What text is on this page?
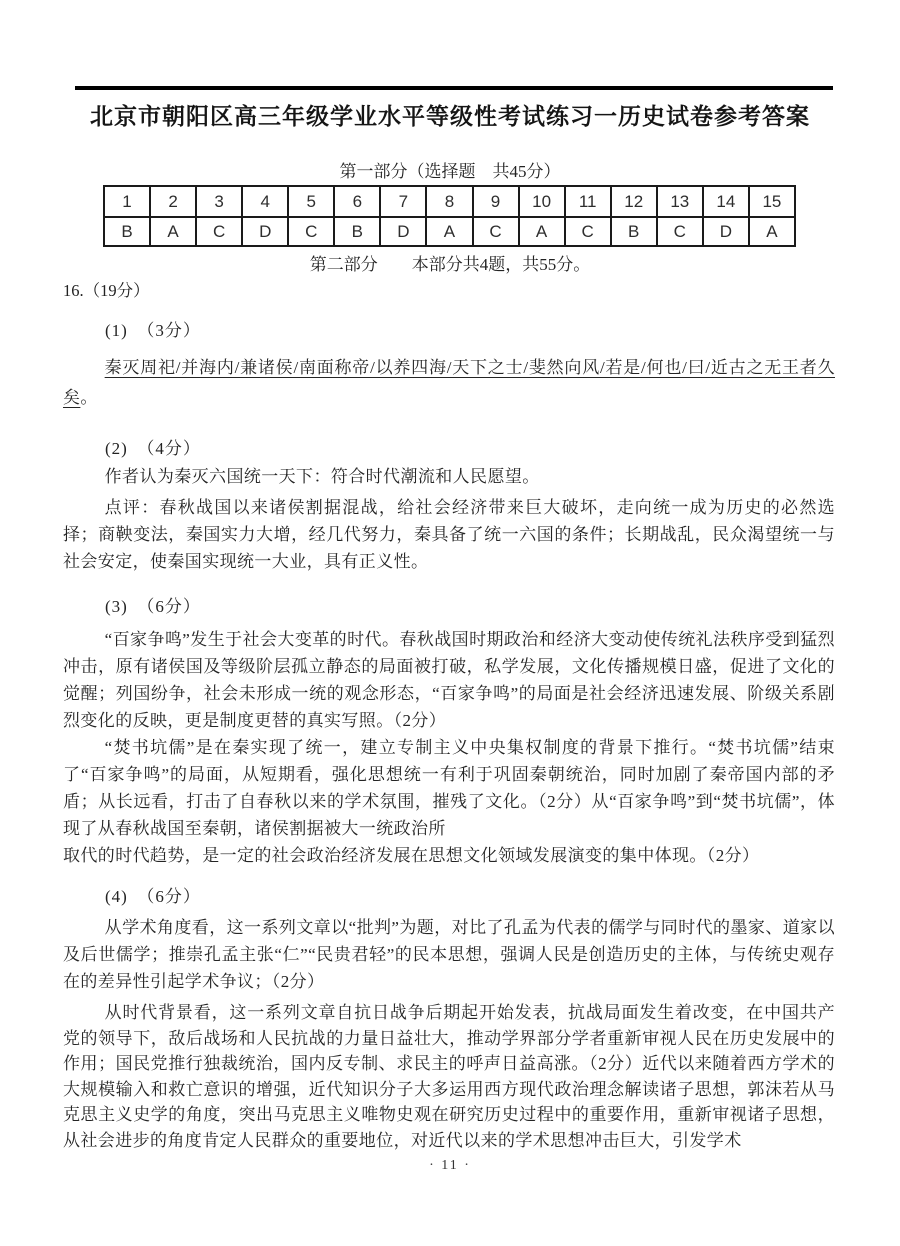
北京市朝阳区高三年级学业水平等级性考试练习一历史试卷参考答案
第一部分（选择题　共45分）
1	2	3	4	5	6	7	8	9	10	11	12	13	14	15
B	A	C	D	C	B	D	A	C	A	C	B	C	D	A
第二部分　　本部分共4题，共55分。
16.（19分）
(1)　（3分）
秦灭周祀/并海内/兼诸侯/南面称帝/以养四海/天下之士/斐然向风/若是/何也/曰/近古之无王者久矣。
(2)　（4分）
作者认为秦灭六国统一天下：符合时代潮流和人民愿望。
点评：春秋战国以来诸侯割据混战，给社会经济带来巨大破坏，走向统一成为历史的必然选择；商鞅变法，秦国实力大增，经几代努力，秦具备了统一六国的条件；长期战乱，民众渴望统一与社会安定，使秦国实现统一大业，具有正义性。
(3)　（6分）
“百家争鸣”发生于社会大变革的时代。春秋战国时期政治和经济大变动使传统礼法秩序受到猛烈冲击，原有诸侯国及等级阶层孤立静态的局面被打破，私学发展，文化传播规模日盛，促进了文化的觉醒；列国纷争，社会未形成一统的观念形态，“百家争鸣”的局面是社会经济迅速发展、阶级关系剧烈变化的反映，更是制度更替的真实写照。（2分）
“焚书坑儒”是在秦实现了统一，建立专制主义中央集权制度的背景下推行。“焚书坑儒”结束了“百家争鸣”的局面，从短期看，强化思想统一有利于巩固秦朝统治，同时加剧了秦帝国内部的矛盾；从长远看，打击了自春秋以来的学术氛围，摧残了文化。（2分）从“百家争鸣”到“焚书坑儒”，体现了从春秋战国至秦朝，诸侯割据被大一统政治所
取代的时代趋势，是一定的社会政治经济发展在思想文化领域发展演变的集中体现。（2分）
(4)　（6分）
从学术角度看，这一系列文章以“批判”为题，对比了孔孟为代表的儒学与同时代的墨家、道家以及后世儒学；推崇孔孟主张“仁”“民贵君轻”的民本思想，强调人民是创造历史的主体，与传统史观存在的差异性引起学术争议；（2分）
从时代背景看，这一系列文章自抗日战争后期起开始发表，抗战局面发生着改变，在中国共产党的领导下，敌后战场和人民抗战的力量日益壮大，推动学界部分学者重新审视人民在历史发展中的作用；国民党推行独裁统治，国内反专制、求民主的呼声日益高涨。（2分）近代以来随着西方学术的大规模输入和救亡意识的增强，近代知识分子大多运用西方现代政治理念解读诸子思想，郭沫若从马克思主义史学的角度，突出马克思主义唯物史观在研究历史过程中的重要作用，重新审视诸子思想，从社会进步的角度肯定人民群众的重要地位，对近代以来的学术思想冲击巨大，引发学术
· 11 ·
